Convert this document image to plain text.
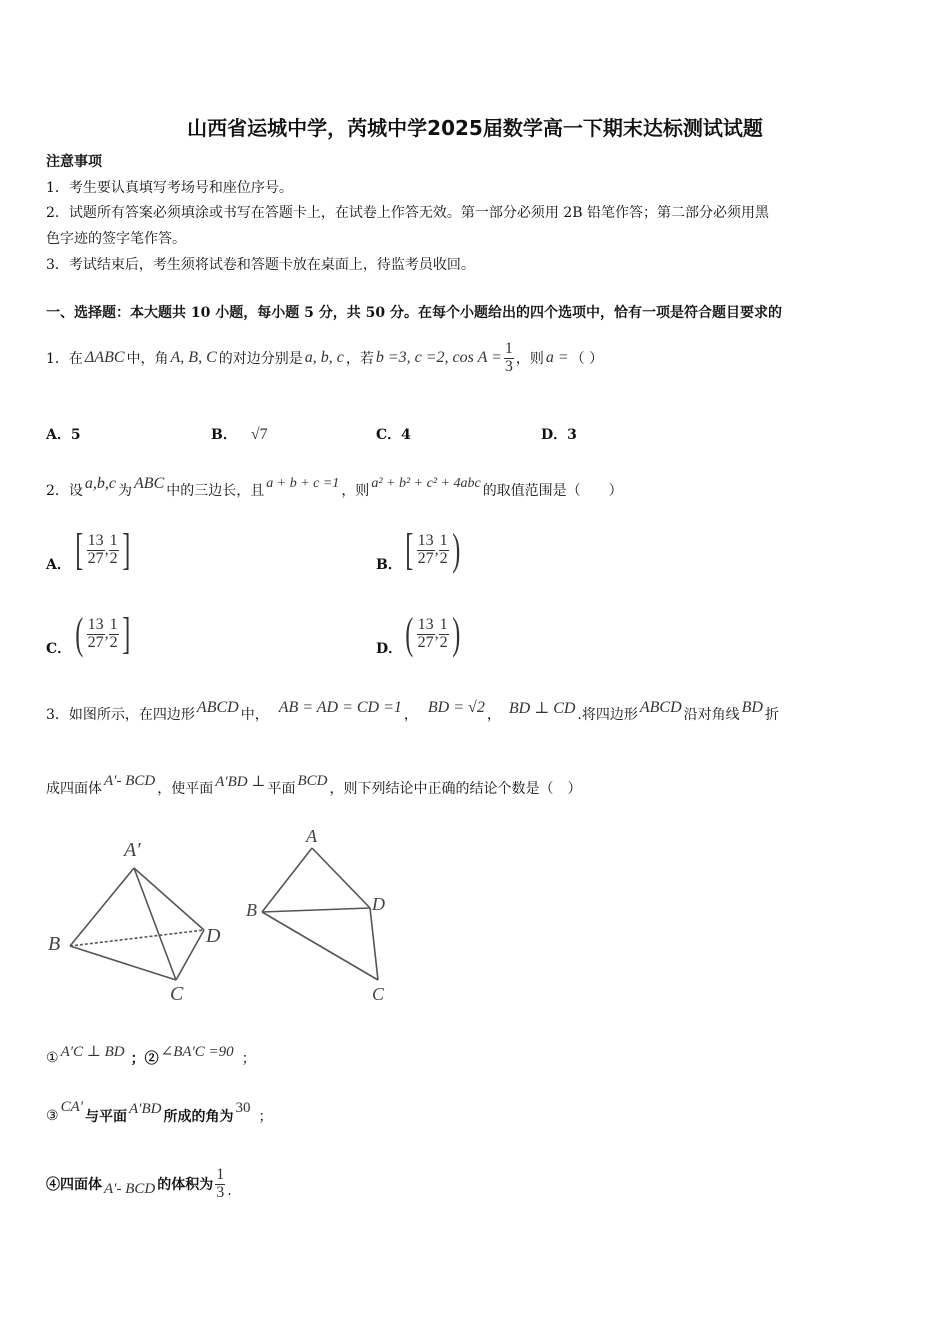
山西省运城中学，芮城中学2025届数学高一下期末达标测试试题
注意事项
1．考生要认真填写考场号和座位序号。
2．试题所有答案必须填涂或书写在答题卡上，在试卷上作答无效。第一部分必须用 2B 铅笔作答；第二部分必须用黑
色字迹的签字笔作答。
3．考试结束后，考生须将试卷和答题卡放在桌面上，待监考员收回。
一、选择题：本大题共 10 小题，每小题 5 分，共 50 分。在每个小题给出的四个选项中，恰有一项是符合题目要求的
1．在 ΔABC 中，角 A, B, C 的对边分别是 a, b, c ，若 b =3, c =2, $\cos A = \frac{1}{3}$ ，则 a = （ ）
A．5	B． √7	C．4	D．3
2．设 a,b,c 为 ABC 中的三边长，且 a + b + c =1 ，则 a² + b² + c² + 4abc 的取值范围是（　　）
A． [ $\frac{13}{27}$ , $\frac{1}{2}$ ]	B． [ $\frac{13}{27}$ , $\frac{1}{2}$ )
C． ( $\frac{13}{27}$ , $\frac{1}{2}$ ]	D． ( $\frac{13}{27}$ , $\frac{1}{2}$ )
3．如图所示，在四边形 ABCD 中， AB = AD = CD =1 ， BD = √2 ， BD ⊥ CD .将四边形 ABCD 沿对角线 BD 折
成四面体
A′- BCD
，使平面 A′BD ⊥ 平面
BCD
，则下列结论中正确的结论个数是（　）
A′
B
C
D
A
B
C
D
① A′C ⊥ BD ；② ∠BA′C =90 ；
③
CA′
与平面
A′BD
所成的角为
30
；
④四面体 A′- BCD 的体积为 $\frac{1}{3}$ .
